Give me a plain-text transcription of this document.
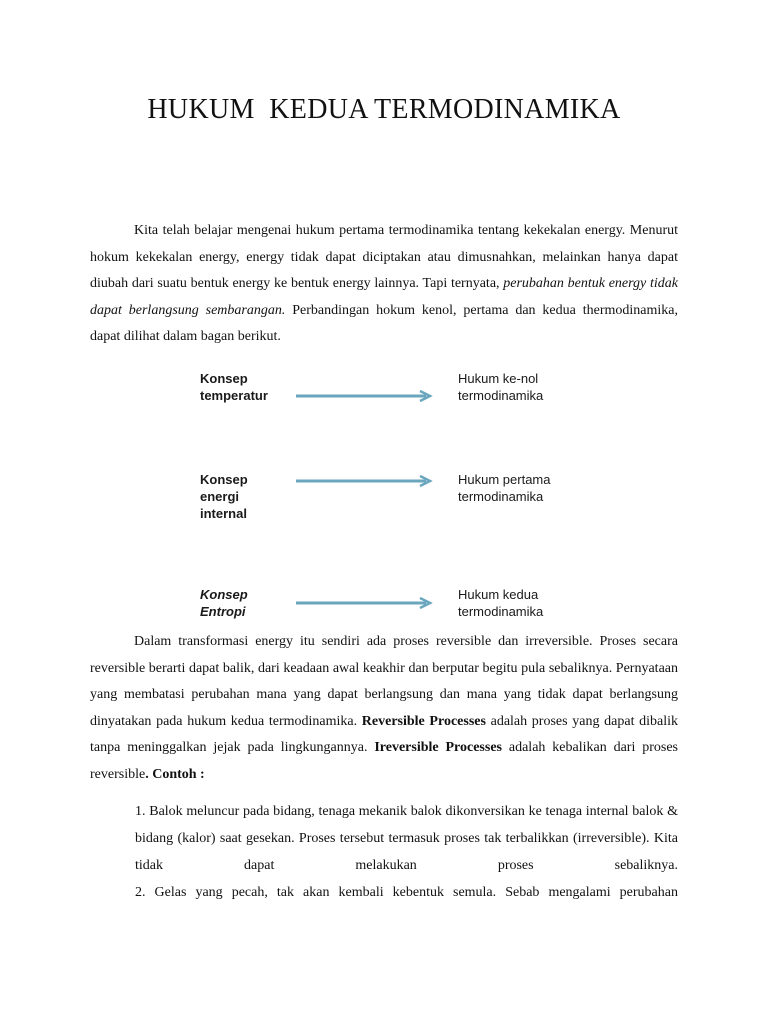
HUKUM  KEDUA TERMODINAMIKA

Kita telah belajar mengenai hukum pertama termodinamika tentang kekekalan energy. Menurut hokum kekekalan energy, energy tidak dapat diciptakan atau dimusnahkan, melainkan hanya dapat diubah dari suatu bentuk energy ke bentuk energy lainnya. Tapi ternyata, perubahan bentuk energy tidak dapat berlangsung sembarangan. Perbandingan hokum kenol, pertama dan kedua thermodinamika, dapat dilihat dalam bagan berikut.

Konsep
temperatur
Hukum ke-nol
termodinamika
Konsep
energi
internal
Hukum pertama
termodinamika
Konsep
Entropi
Hukum kedua
termodinamika

Dalam transformasi energy itu sendiri ada proses reversible dan irreversible. Proses secara reversible berarti dapat balik, dari keadaan awal keakhir dan berputar begitu pula sebaliknya. Pernyataan yang membatasi perubahan mana yang dapat berlangsung dan mana yang tidak dapat berlangsung dinyatakan pada hukum kedua termodinamika. Reversible Processes adalah proses yang dapat dibalik tanpa meninggalkan jejak pada lingkungannya. Ireversible Processes adalah kebalikan dari proses reversible. Contoh :

1. Balok meluncur pada bidang, tenaga mekanik balok dikonversikan ke tenaga internal balok & bidang (kalor) saat gesekan. Proses tersebut termasuk proses tak terbalikkan (irreversible). Kita tidak dapat melakukan proses sebaliknya.

2. Gelas yang pecah, tak akan kembali kebentuk semula. Sebab mengalami perubahan
